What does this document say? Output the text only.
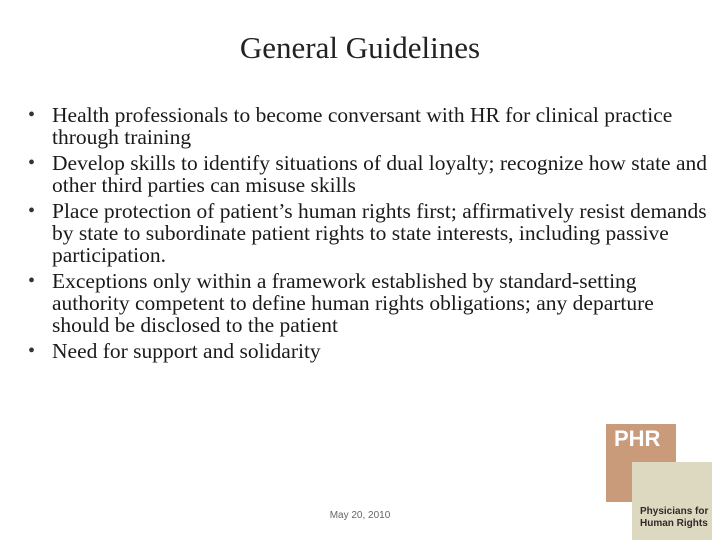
General Guidelines
• Health professionals to become conversant with HR for clinical practice through training
• Develop skills to identify situations of dual loyalty; recognize how state and other third parties can misuse skills
• Place protection of patient’s human rights first; affirmatively resist demands by state to subordinate patient rights to state interests, including passive participation.
• Exceptions only within a framework established by standard-setting authority competent to define human rights obligations; any departure should be disclosed to the patient
• Need for support and solidarity
May 20, 2010
PHR
Physicians for Human Rights
